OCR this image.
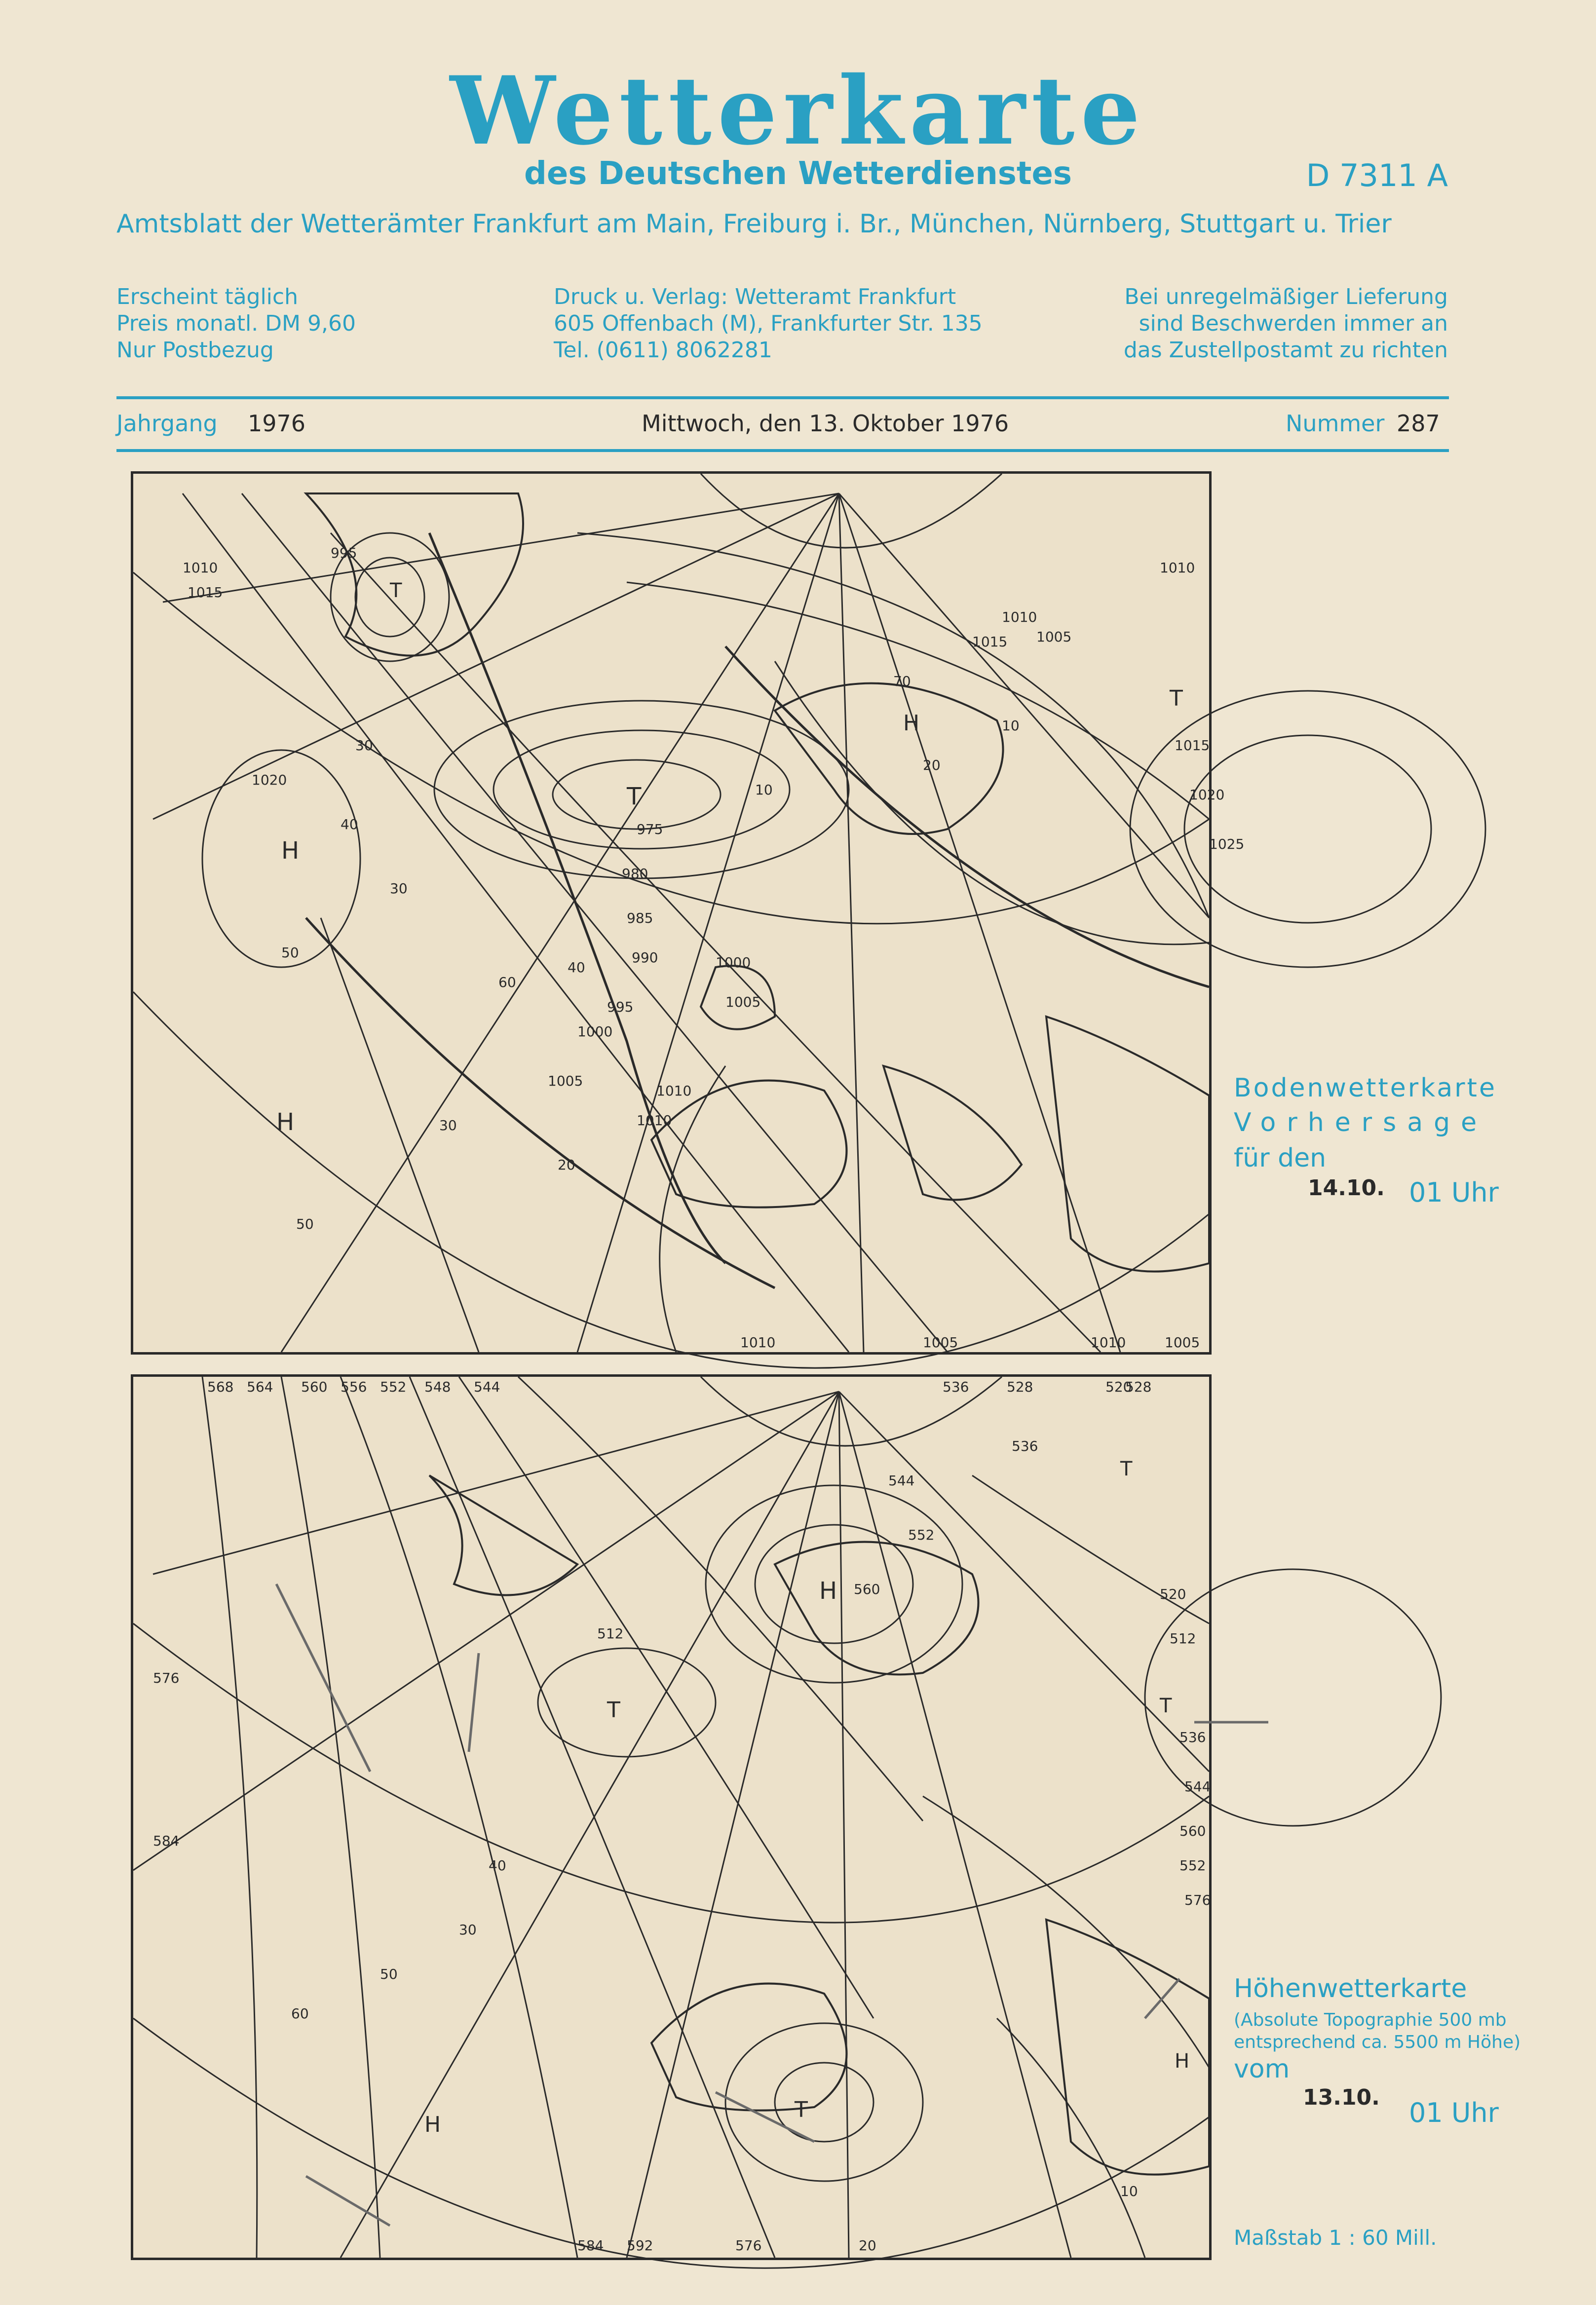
Wetterkarte
des Deutschen Wetterdienstes	D 7311 A
Amtsblatt der Wetterämter Frankfurt am Main, Freiburg i. Br., München, Nürnberg, Stuttgart u. Trier
Erscheint täglich
Preis monatl. DM 9,60
Nur Postbezug
Druck u. Verlag: Wetteramt Frankfurt
605 Offenbach (M), Frankfurter Str. 135
Tel. (0611) 8062281
Bei unregelmäßiger Lieferung
sind Beschwerden immer an
das Zustellpostamt zu richten
Jahrgang 1976	Mittwoch, den 13. Oktober 1976	Nummer 287
995
1010
1015
1020
975
980
985
990
995
1000
1005
1010
1005
1010	1005
1010
1015
1020
1025
1010
1005
1010
1015
1000
1005
1010
30
40
50
60
70
20
10
30
40
50
30
20
10
H
H
H
T
T
T
568 564 560 556 552 548 544	536	528	520
528
536
544
552
560
512
576
584
592
584	576
520
512
536
544
560
552
576
10
20
30
40
50
60
H
H
H
T
T
T
T
Bodenwetterkarte
Vorhersage
für den
14.10. 01 Uhr
Höhenwetterkarte
(Absolute Topographie 500 mb
entsprechend ca. 5500 m Höhe)
vom
13.10. 01 Uhr
Maßstab 1 : 60 Mill.
